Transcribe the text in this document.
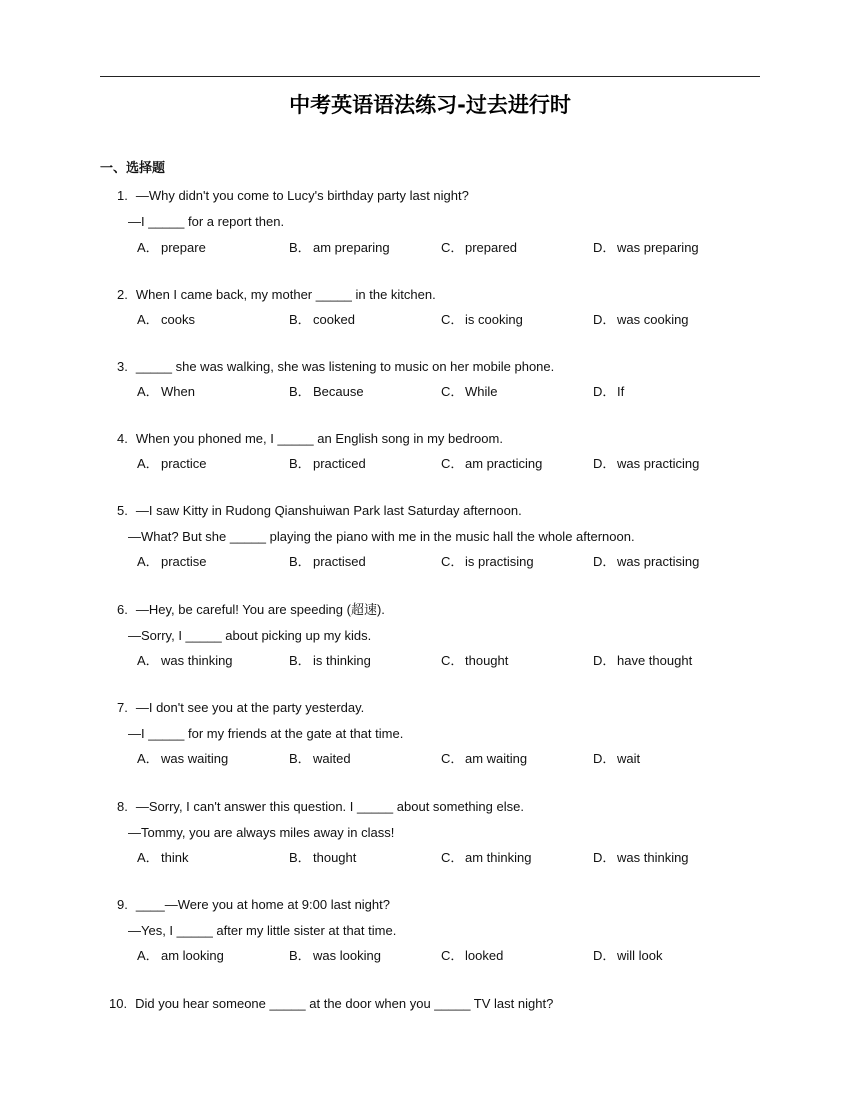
中考英语语法练习-过去进行时
一、选择题
1. —Why didn't you come to Lucy's birthday party last night?
—I _____ for a report then.
A． prepare	B． am preparing	C． prepared	D． was preparing
2. When I came back, my mother _____ in the kitchen.
A． cooks	B． cooked	C． is cooking	D． was cooking
3. _____ she was walking, she was listening to music on her mobile phone.
A． When	B． Because	C． While	D． If
4. When you phoned me, I _____ an English song in my bedroom.
A． practice	B． practiced	C． am practicing	D． was practicing
5. —I saw Kitty in Rudong Qianshuiwan Park last Saturday afternoon.
—What? But she _____ playing the piano with me in the music hall the whole afternoon.
A． practise	B． practised	C． is practising	D． was practising
6. —Hey, be careful! You are speeding (超速).
—Sorry, I _____ about picking up my kids.
A． was thinking	B． is thinking	C． thought	D． have thought
7. —I don't see you at the party yesterday.
—I _____ for my friends at the gate at that time.
A． was waiting	B． waited	C． am waiting	D． wait
8. —Sorry, I can't answer this question. I _____ about something else.
—Tommy, you are always miles away in class!
A． think	B． thought	C． am thinking	D． was thinking
9. ____—Were you at home at 9:00 last night?
—Yes, I _____ after my little sister at that time.
A． am looking	B． was looking	C． looked	D． will look
10. Did you hear someone _____ at the door when you _____ TV last night?
